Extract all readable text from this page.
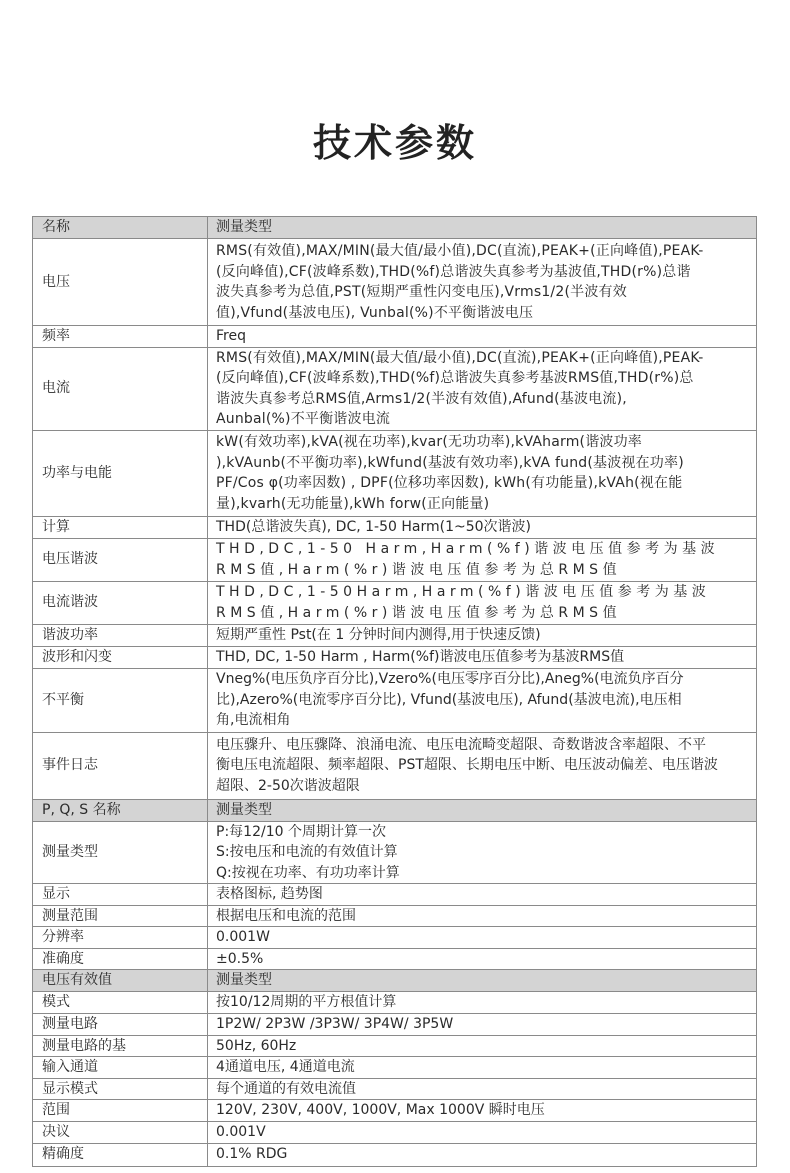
技术参数
名称	测量类型
电压	RMS(有效值),MAX/MIN(最大值/最小值),DC(直流),PEAK+(正向峰值),PEAK-
(反向峰值),CF(波峰系数),THD(%f)总谐波失真参考为基波值,THD(r%)总谐
波失真参考为总值,PST(短期严重性闪变电压),Vrms1/2(半波有效
值),Vfund(基波电压), Vunbal(%)不平衡谐波电压

频率	Freq

电流	RMS(有效值),MAX/MIN(最大值/最小值),DC(直流),PEAK+(正向峰值),PEAK-
(反向峰值),CF(波峰系数),THD(%f)总谐波失真参考基波RMS值,THD(r%)总
谐波失真参考总RMS值,Arms1/2(半波有效值),Afund(基波电流),
Aunbal(%)不平衡谐波电流

功率与电能	kW(有效功率),kVA(视在功率),kvar(无功功率),kVAharm(谐波功率
),kVAunb(不平衡功率),kWfund(基波有效功率),kVA fund(基波视在功率)
PF/Cos φ(功率因数) , DPF(位移功率因数), kWh(有功能量),kVAh(视在能
量),kvarh(无功能量),kWh forw(正向能量)

计算	THD(总谐波失真), DC, 1-50 Harm(1~50次谐波)

电压谐波	THD,DC,1-50 Harm,Harm(%f)谐波电压值参考为基波
RMS值,Harm(%r)谐波电压值参考为总RMS值

电流谐波	THD,DC,1-50Harm,Harm(%f)谐波电压值参考为基波
RMS值,Harm(%r)谐波电压值参考为总RMS值

谐波功率	短期严重性 Pst(在 1 分钟时间内测得,用于快速反馈)

波形和闪变	THD, DC, 1-50 Harm , Harm(%f)谐波电压值参考为基波RMS值

不平衡	Vneg%(电压负序百分比),Vzero%(电压零序百分比),Aneg%(电流负序百分
比),Azero%(电流零序百分比), Vfund(基波电压), Afund(基波电流),电压相
角,电流相角

事件日志	电压骤升、电压骤降、浪涌电流、电压电流畸变超限、奇数谐波含率超限、不平
衡电压电流超限、频率超限、PST超限、长期电压中断、电压波动偏差、电压谐波
超限、2-50次谐波超限

P, Q, S 名称	测量类型
测量类型	P:每12/10 个周期计算一次
S:按电压和电流的有效值计算
Q:按视在功率、有功功率计算

显示	表格图标, 趋势图

测量范围	根据电压和电流的范围

分辨率	0.001W

准确度	±0.5%

电压有效值	测量类型
模式	按10/12周期的平方根值计算

测量电路	1P2W/ 2P3W /3P3W/ 3P4W/ 3P5W

测量电路的基	50Hz, 60Hz

输入通道	4通道电压, 4通道电流

显示模式	每个通道的有效电流值

范围	120V, 230V, 400V, 1000V, Max 1000V 瞬时电压

决议	0.001V

精确度	0.1% RDG
